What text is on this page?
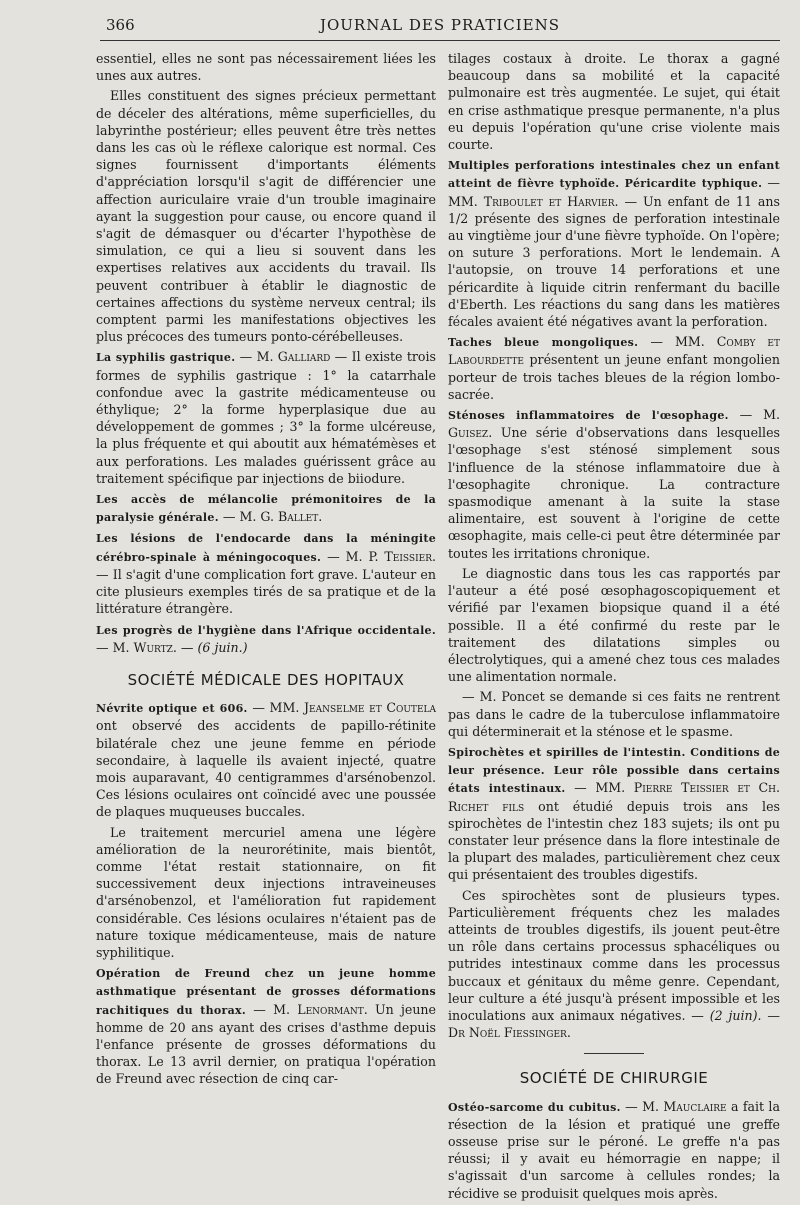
366	JOURNAL DES PRATICIENS

essentiel, elles ne sont pas nécessairement liées les unes aux autres.

Elles constituent des signes précieux permettant de déceler des altérations, même superficielles, du labyrinthe postérieur; elles peuvent être très nettes dans les cas où le réflexe calorique est normal. Ces signes fournissent d'importants éléments d'appréciation lorsqu'il s'agit de différencier une affection auriculaire vraie d'un trouble imaginaire ayant la suggestion pour cause, ou encore quand il s'agit de démasquer ou d'écarter l'hypothèse de simulation, ce qui a lieu si souvent dans les expertises relatives aux accidents du travail. Ils peuvent contribuer à établir le diagnostic de certaines affections du système nerveux central; ils comptent parmi les manifestations objectives les plus précoces des tumeurs ponto-cérébelleuses.

La syphilis gastrique. — M. Galliard — Il existe trois formes de syphilis gastrique : 1° la catarrhale confondue avec la gastrite médicamenteuse ou éthylique; 2° la forme hyperplasique due au développement de gommes ; 3° la forme ulcéreuse, la plus fréquente et qui aboutit aux hématémèses et aux perforations. Les malades guérissent grâce au traitement spécifique par injections de biiodure.

Les accès de mélancolie prémonitoires de la paralysie générale. — M. G. Ballet.

Les lésions de l'endocarde dans la méningite cérébro-spinale à méningocoques. — M. P. Teissier. — Il s'agit d'une complication fort grave. L'auteur en cite plusieurs exemples tirés de sa pratique et de la littérature étrangère.

Les progrès de l'hygiène dans l'Afrique occidentale. — M. Wurtz. — (6 juin.)

SOCIÉTÉ MÉDICALE DES HOPITAUX

Névrite optique et 606. — MM. Jeanselme et Coutela ont observé des accidents de papillo-rétinite bilatérale chez une jeune femme en période secondaire, à laquelle ils avaient injecté, quatre mois auparavant, 40 centigrammes d'arsénobenzol. Ces lésions oculaires ont coïncidé avec une poussée de plaques muqueuses buccales.

Le traitement mercuriel amena une légère amélioration de la neurorétinite, mais bientôt, comme l'état restait stationnaire, on fit successivement deux injections intraveineuses d'arsénobenzol, et l'amélioration fut rapidement considérable. Ces lésions oculaires n'étaient pas de nature toxique médicamenteuse, mais de nature syphilitique.

Opération de Freund chez un jeune homme asthmatique présentant de grosses déformations rachitiques du thorax. — M. Lenormant. Un jeune homme de 20 ans ayant des crises d'asthme depuis l'enfance présente de grosses déformations du thorax. Le 13 avril dernier, on pratiqua l'opération de Freund avec résection de cinq car-

tilages costaux à droite. Le thorax a gagné beaucoup dans sa mobilité et la capacité pulmonaire est très augmentée. Le sujet, qui était en crise asthmatique presque permanente, n'a plus eu depuis l'opération qu'une crise violente mais courte.

Multiples perforations intestinales chez un enfant atteint de fièvre typhoïde. Péricardite typhique. — MM. Triboulet et Harvier. — Un enfant de 11 ans 1/2 présente des signes de perforation intestinale au vingtième jour d'une fièvre typhoïde. On l'opère; on suture 3 perforations. Mort le lendemain. A l'autopsie, on trouve 14 perforations et une péricardite à liquide citrin renfermant du bacille d'Eberth. Les réactions du sang dans les matières fécales avaient été négatives avant la perforation.

Taches bleue mongoliques. — MM. Comby et Labourdette présentent un jeune enfant mongolien porteur de trois taches bleues de la région lombo-sacrée.

Sténoses inflammatoires de l'œsophage. — M. Guisez. Une série d'observations dans lesquelles l'œsophage s'est sténosé simplement sous l'influence de la sténose inflammatoire due à l'œsophagite chronique. La contracture spasmodique amenant à la suite la stase alimentaire, est souvent à l'origine de cette œsophagite, mais celle-ci peut être déterminée par toutes les irritations chronique.

Le diagnostic dans tous les cas rapportés par l'auteur a été posé œsophagoscopiquement et vérifié par l'examen biopsique quand il a été possible. Il a été confirmé du reste par le traitement des dilatations simples ou électrolytiques, qui a amené chez tous ces malades une alimentation normale.

— M. Poncet se demande si ces faits ne rentrent pas dans le cadre de la tuberculose inflammatoire qui déterminerait et la sténose et le spasme.

Spirochètes et spirilles de l'intestin. Conditions de leur présence. Leur rôle possible dans certains états intestinaux. — MM. Pierre Teissier et Ch. Richet fils ont étudié depuis trois ans les spirochètes de l'intestin chez 183 sujets; ils ont pu constater leur présence dans la flore intestinale de la plupart des malades, particulièrement chez ceux qui présentaient des troubles digestifs.

Ces spirochètes sont de plusieurs types. Particulièrement fréquents chez les malades atteints de troubles digestifs, ils jouent peut-être un rôle dans certains processus sphacéliques ou putrides intestinaux comme dans les processus buccaux et génitaux du même genre. Cependant, leur culture a été jusqu'à présent impossible et les inoculations aux animaux négatives. — (2 juin). — Dr Noël Fiessinger.

SOCIÉTÉ DE CHIRURGIE

Ostéo-sarcome du cubitus. — M. Mauclaire a fait la résection de la lésion et pratiqué une greffe osseuse prise sur le péroné. Le greffe n'a pas réussi; il y avait eu hémorragie en nappe; il s'agissait d'un sarcome à cellules rondes; la récidive se produisit quelques mois après.
